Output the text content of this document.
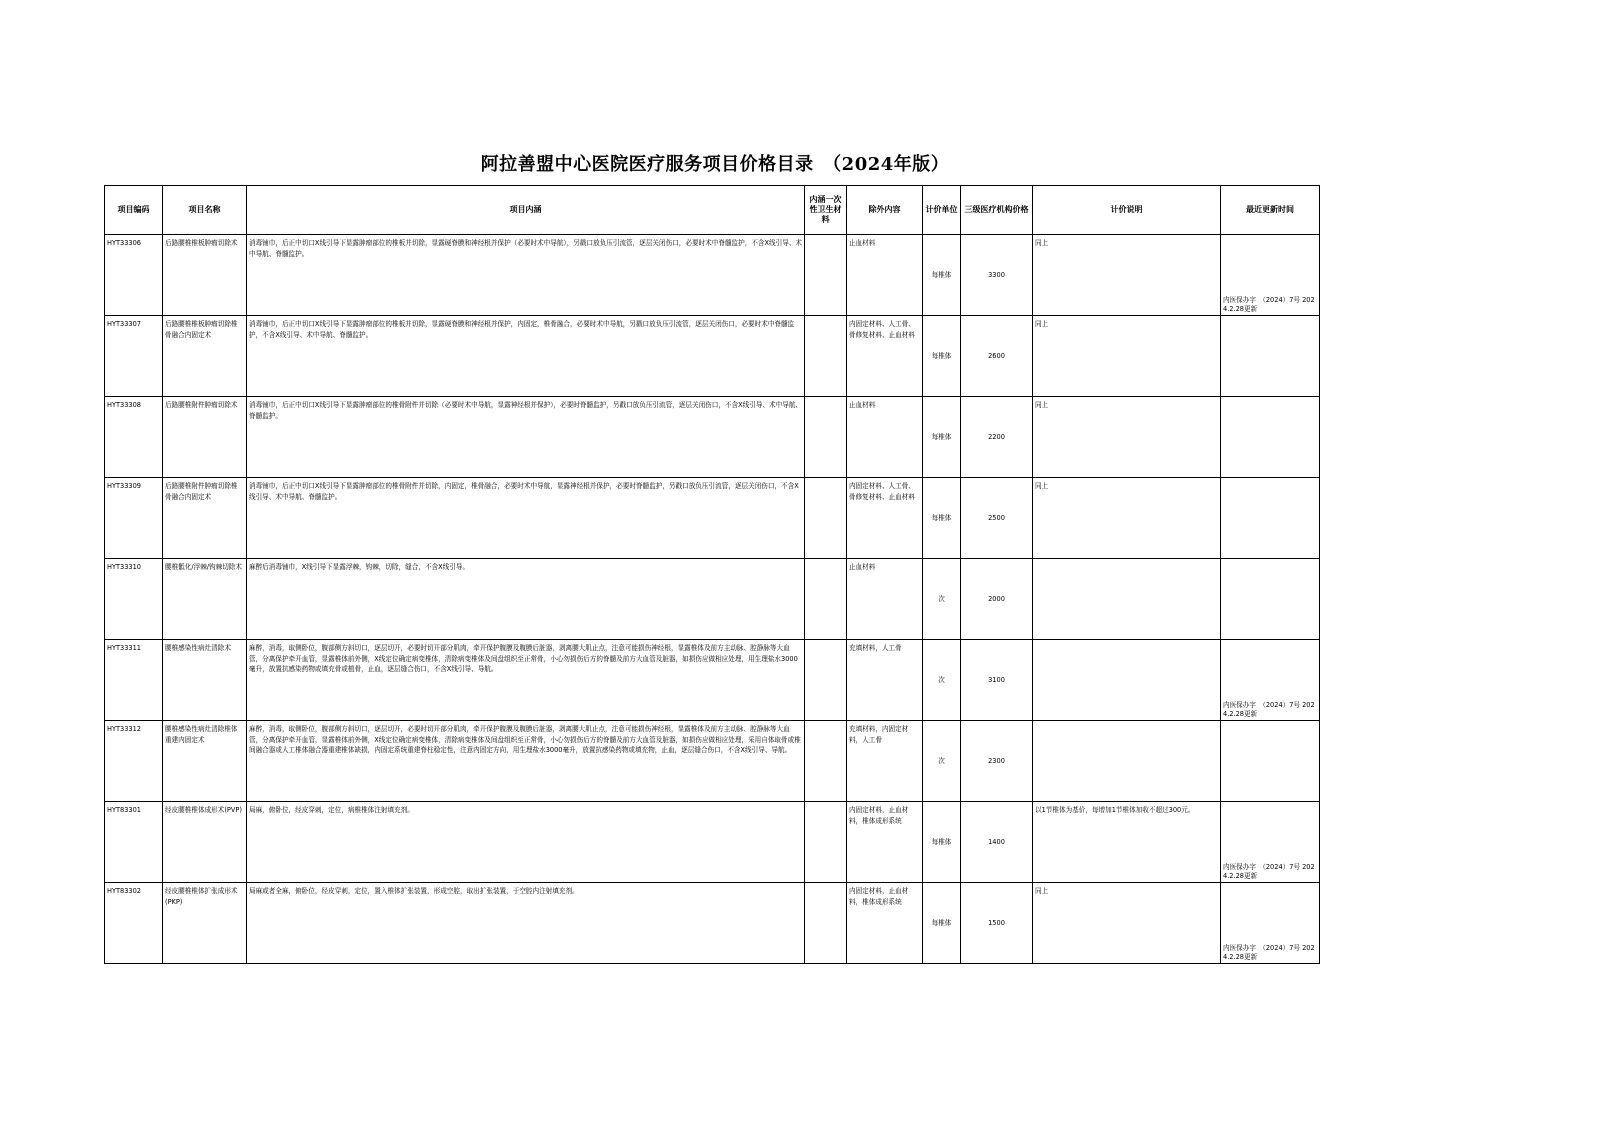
阿拉善盟中心医院医疗服务项目价格目录　（2024年版）
项目编码	项目名称	项目内涵	内涵一次性卫生材料	除外内容	计价单位	三级医疗机构价格	计价说明	最近更新时间
HYT33306	后路腰椎椎板肿瘤切除术	消毒铺巾，后正中切口X线引导下显露肿瘤部位的椎板并切除，显露硬脊膜和神经根并保护（必要时术中导航），另戳口放负压引流管，逐层关闭伤口，必要时术中脊髓监护，不含X线引导、术中导航、脊髓监护。		止血材料	每椎体	3300	同上	内医保办字　（2024）7号 2024.2.28更新
HYT33307	后路腰椎椎板肿瘤切除椎骨融合内固定术	消毒铺巾，后正中切口X线引导下显露肿瘤部位的椎板并切除，显露硬脊膜和神经根并保护，内固定，椎骨融合，必要时术中导航，另戳口放负压引流管，逐层关闭伤口，必要时术中脊髓监护，不含X线引导、术中导航、脊髓监护。		内固定材料、人工骨、骨修复材料、止血材料	每椎体	2600	同上	
HYT33308	后路腰椎附件肿瘤切除术	消毒铺巾，后正中切口X线引导下显露肿瘤部位的椎骨附件并切除（必要时术中导航，显露神经根并保护），必要时脊髓监护，另戳口放负压引流管，逐层关闭伤口，不含X线引导、术中导航、脊髓监护。		止血材料	每椎体	2200	同上	
HYT33309	后路腰椎附件肿瘤切除椎骨融合内固定术	消毒铺巾，后正中切口X线引导下显露肿瘤部位的椎骨附件并切除，内固定，椎骨融合，必要时术中导航，显露神经根并保护，必要时脊髓监护，另戳口放负压引流管，逐层关闭伤口，不含X线引导、术中导航、脊髓监护。		内固定材料、人工骨、骨修复材料、止血材料	每椎体	2500	同上	
HYT33310	腰椎骶化/浮棘/钩棘切除术	麻醉后消毒铺巾，X线引导下显露浮棘，钩棘，切除，缝合，不含X线引导。		止血材料	次	2000		
HYT33311	腰椎感染性病灶清除术	麻醉，消毒，取侧卧位，腹部侧方斜切口，逐层切开，必要时切开部分肌肉，牵开保护腹膜及腹膜后脏器，剥离腰大肌止点，注意可能损伤神经根，显露椎体及前方主动脉、腔静脉等大血管，分离保护牵开血管，显露椎体前外侧，X线定位确定病变椎体，清除病变椎体及间盘组织至正常骨，小心勿损伤后方的脊髓及前方大血管及脏器，如损伤应做相应处理，用生理盐水3000毫升，放置抗感染药物或填充骨或植骨，止血，逐层缝合伤口，不含X线引导、导航。		充填材料，人工骨	次	3100		内医保办字　（2024）7号 2024.2.28更新
HYT33312	腰椎感染性病灶清除椎体重建内固定术	麻醉，消毒，取侧卧位，腹部侧方斜切口，逐层切开，必要时切开部分肌肉，牵开保护腹膜及腹膜后脏器，剥离腰大肌止点，注意可能损伤神经根，显露椎体及前方主动脉、腔静脉等大血管，分离保护牵开血管，显露椎体前外侧，X线定位确定病变椎体，清除病变椎体及间盘组织至正常骨，小心勿损伤后方的脊髓及前方大血管及脏器，如损伤应做相应处理，采用自体取骨或椎间融合器或人工椎体融合器重建椎体缺损，内固定系统重建脊柱稳定性，注意内固定方向，用生理盐水3000毫升，放置抗感染药物或填充物，止血，逐层缝合伤口，不含X线引导、导航。		充填材料，内固定材料，人工骨	次	2300		
HYT83301	经皮腰椎椎体成形术(PVP)	局麻，俯卧位，经皮穿刺，定位，病椎椎体注射填充剂。		内固定材料，止血材料，椎体成形系统	每椎体	1400	以1节椎体为基价，每增加1节椎体加收不超过300元。	内医保办字　（2024）7号 2024.2.28更新
HYT83302	经皮腰椎椎体扩张成形术(PKP)	局麻或者全麻，俯卧位，经皮穿刺，定位，置入椎体扩张装置，形成空腔，取出扩张装置，于空腔内注射填充剂。		内固定材料，止血材料，椎体成形系统	每椎体	1500	同上	内医保办字　（2024）7号 2024.2.28更新
